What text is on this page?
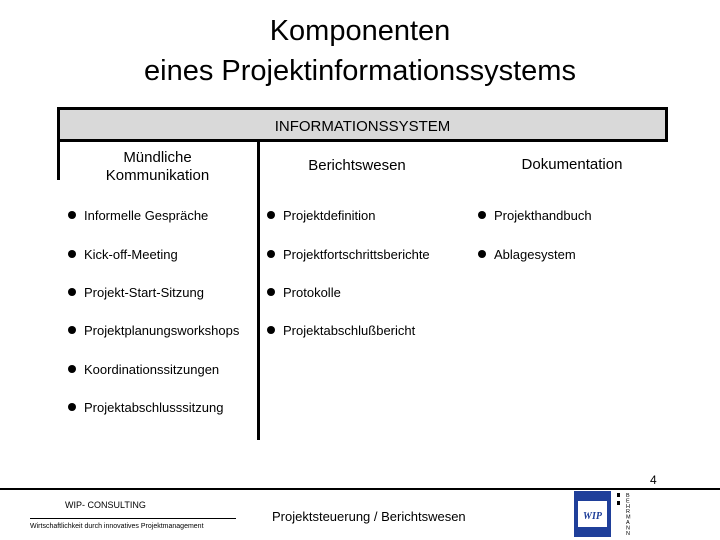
Komponenten
eines Projektinformationssystems
INFORMATIONSSYSTEM
Mündliche
Kommunikation
Berichtswesen	Dokumentation
Informelle Gespräche
Kick-off-Meeting
Projekt-Start-Sitzung
Projektplanungsworkshops
Koordinationssitzungen
Projektabschlusssitzung
Projektdefinition
Projektfortschrittsberichte
Protokolle
Projektabschlußbericht
Projekthandbuch
Ablagesystem
WIP- CONSULTING
Wirtschaftlichkeit durch innovatives Projektmanagement
Projektsteuerung / Berichtswesen
4
WIP
B E H R M A N N
